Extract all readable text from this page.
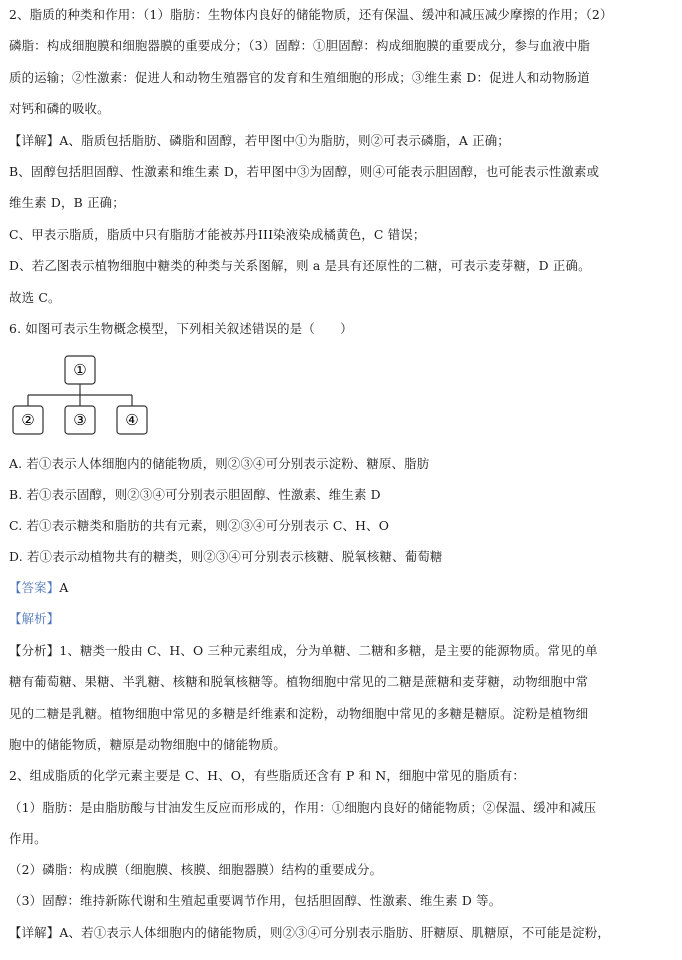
2、脂质的种类和作用：（1）脂肪：生物体内良好的储能物质，还有保温、缓冲和减压减少摩擦的作用；（2）
磷脂：构成细胞膜和细胞器膜的重要成分；（3）固醇：①胆固醇：构成细胞膜的重要成分，参与血液中脂
质的运输；②性激素：促进人和动物生殖器官的发育和生殖细胞的形成；③维生素 D：促进人和动物肠道
对钙和磷的吸收。
【详解】A、脂质包括脂肪、磷脂和固醇，若甲图中①为脂肪，则②可表示磷脂，A 正确；
B、固醇包括胆固醇、性激素和维生素 D，若甲图中③为固醇，则④可能表示胆固醇，也可能表示性激素或
维生素 D，B 正确；
C、甲表示脂质，脂质中只有脂肪才能被苏丹III染液染成橘黄色，C 错误；
D、若乙图表示植物细胞中糖类的种类与关系图解，则 a 是具有还原性的二糖，可表示麦芽糖，D 正确。
故选 C。
6. 如图可表示生物概念模型，下列相关叙述错误的是（　　）
①
②	③	④
A. 若①表示人体细胞内的储能物质，则②③④可分别表示淀粉、糖原、脂肪
B. 若①表示固醇，则②③④可分别表示胆固醇、性激素、维生素 D
C. 若①表示糖类和脂肪的共有元素，则②③④可分别表示 C、H、O
D. 若①表示动植物共有的糖类，则②③④可分别表示核糖、脱氧核糖、葡萄糖
【答案】A
【解析】
【分析】1、糖类一般由 C、H、O 三种元素组成，分为单糖、二糖和多糖，是主要的能源物质。常见的单
糖有葡萄糖、果糖、半乳糖、核糖和脱氧核糖等。植物细胞中常见的二糖是蔗糖和麦芽糖，动物细胞中常
见的二糖是乳糖。植物细胞中常见的多糖是纤维素和淀粉，动物细胞中常见的多糖是糖原。淀粉是植物细
胞中的储能物质，糖原是动物细胞中的储能物质。
2、组成脂质的化学元素主要是 C、H、O，有些脂质还含有 P 和 N，细胞中常见的脂质有：
（1）脂肪：是由脂肪酸与甘油发生反应而形成的，作用：①细胞内良好的储能物质；②保温、缓冲和减压
作用。
（2）磷脂：构成膜（细胞膜、核膜、细胞器膜）结构的重要成分。
（3）固醇：维持新陈代谢和生殖起重要调节作用，包括胆固醇、性激素、维生素 D 等。
【详解】A、若①表示人体细胞内的储能物质，则②③④可分别表示脂肪、肝糖原、肌糖原，不可能是淀粉，
